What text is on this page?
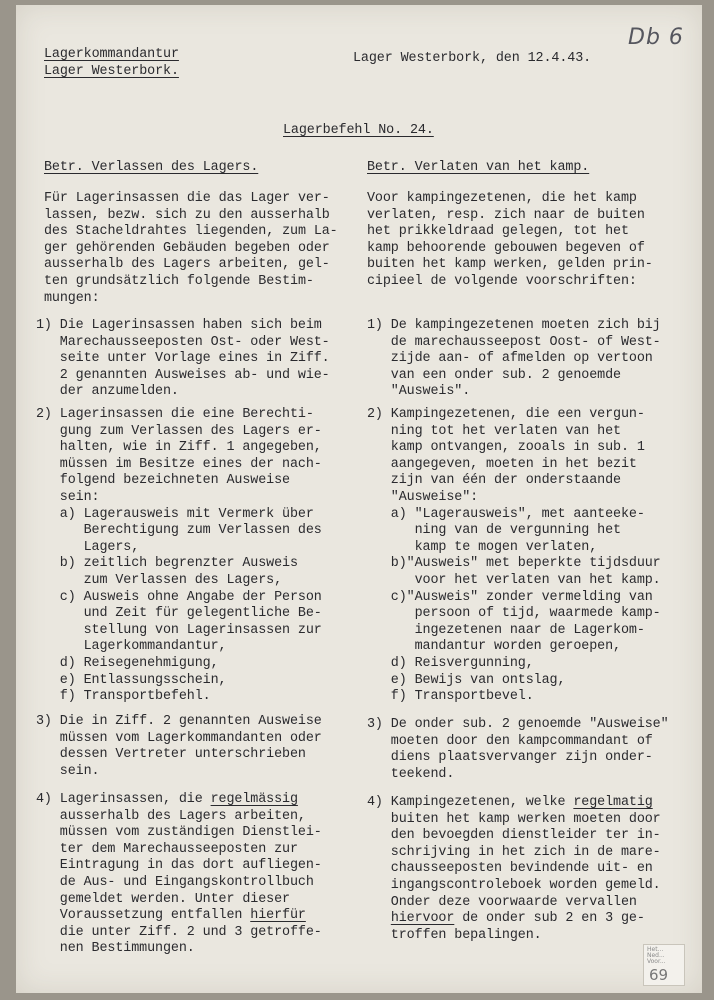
Lagerkommandantur
Lager Westerbork.
Lager Westerbork, den 12.4.43.
Db 6
Lagerbefehl No. 24.
Betr. Verlassen des Lagers.
Für Lagerinsassen die das Lager ver-
lassen, bezw. sich zu den ausserhalb
des Stacheldrahtes liegenden, zum La-
ger gehörenden Gebäuden begeben oder
ausserhalb des Lagers arbeiten, gel-
ten grundsätzlich folgende Bestim-
mungen:
1) Die Lagerinsassen haben sich beim
Marechausseeposten Ost- oder West-
seite unter Vorlage eines in Ziff.
2 genannten Ausweises ab- und wie-
der anzumelden.
2) Lagerinsassen die eine Berechti-
gung zum Verlassen des Lagers er-
halten, wie in Ziff. 1 angegeben,
müssen im Besitze eines der nach-
folgend bezeichneten Ausweise
sein:
a) Lagerausweis mit Vermerk über
Berechtigung zum Verlassen des
Lagers,
b) zeitlich begrenzter Ausweis
zum Verlassen des Lagers,
c) Ausweis ohne Angabe der Person
und Zeit für gelegentliche Be-
stellung von Lagerinsassen zur
Lagerkommandantur,
d) Reisegenehmigung,
e) Entlassungsschein,
f) Transportbefehl.
3) Die in Ziff. 2 genannten Ausweise
müssen vom Lagerkommandanten oder
dessen Vertreter unterschrieben
sein.
4) Lagerinsassen, die regelmässig
ausserhalb des Lagers arbeiten,
müssen vom zuständigen Dienstlei-
ter dem Marechausseeposten zur
Eintragung in das dort aufliegen-
de Aus- und Eingangskontrollbuch
gemeldet werden. Unter dieser
Voraussetzung entfallen hierfür
die unter Ziff. 2 und 3 getroffe-
nen Bestimmungen.
Betr. Verlaten van het kamp.
Voor kampingezetenen, die het kamp
verlaten, resp. zich naar de buiten
het prikkeldraad gelegen, tot het
kamp behoorende gebouwen begeven of
buiten het kamp werken, gelden prin-
cipieel de volgende voorschriften:
1) De kampingezetenen moeten zich bij
de marechausseepost Oost- of West-
zijde aan- of afmelden op vertoon
van een onder sub. 2 genoemde
"Ausweis".
2) Kampingezetenen, die een vergun-
ning tot het verlaten van het
kamp ontvangen, zooals in sub. 1
aangegeven, moeten in het bezit
zijn van één der onderstaande
"Ausweise":
a) "Lagerausweis", met aanteeke-
ning van de vergunning het
kamp te mogen verlaten,
b)"Ausweis" met beperkte tijdsduur
voor het verlaten van het kamp.
c)"Ausweis" zonder vermelding van
persoon of tijd, waarmede kamp-
ingezetenen naar de Lagerkom-
mandantur worden geroepen,
d) Reisvergunning,
e) Bewijs van ontslag,
f) Transportbevel.
3) De onder sub. 2 genoemde "Ausweise"
moeten door den kampcommandant of
diens plaatsvervanger zijn onder-
teekend.
4) Kampingezetenen, welke regelmatig
buiten het kamp werken moeten door
den bevoegden dienstleider ter in-
schrijving in het zich in de mare-
chausseeposten bevindende uit- en
ingangscontroleboek worden gemeld.
Onder deze voorwaarde vervallen
hiervoor de onder sub 2 en 3 ge-
troffen bepalingen.
Het...
Ned...
Voor...
69
